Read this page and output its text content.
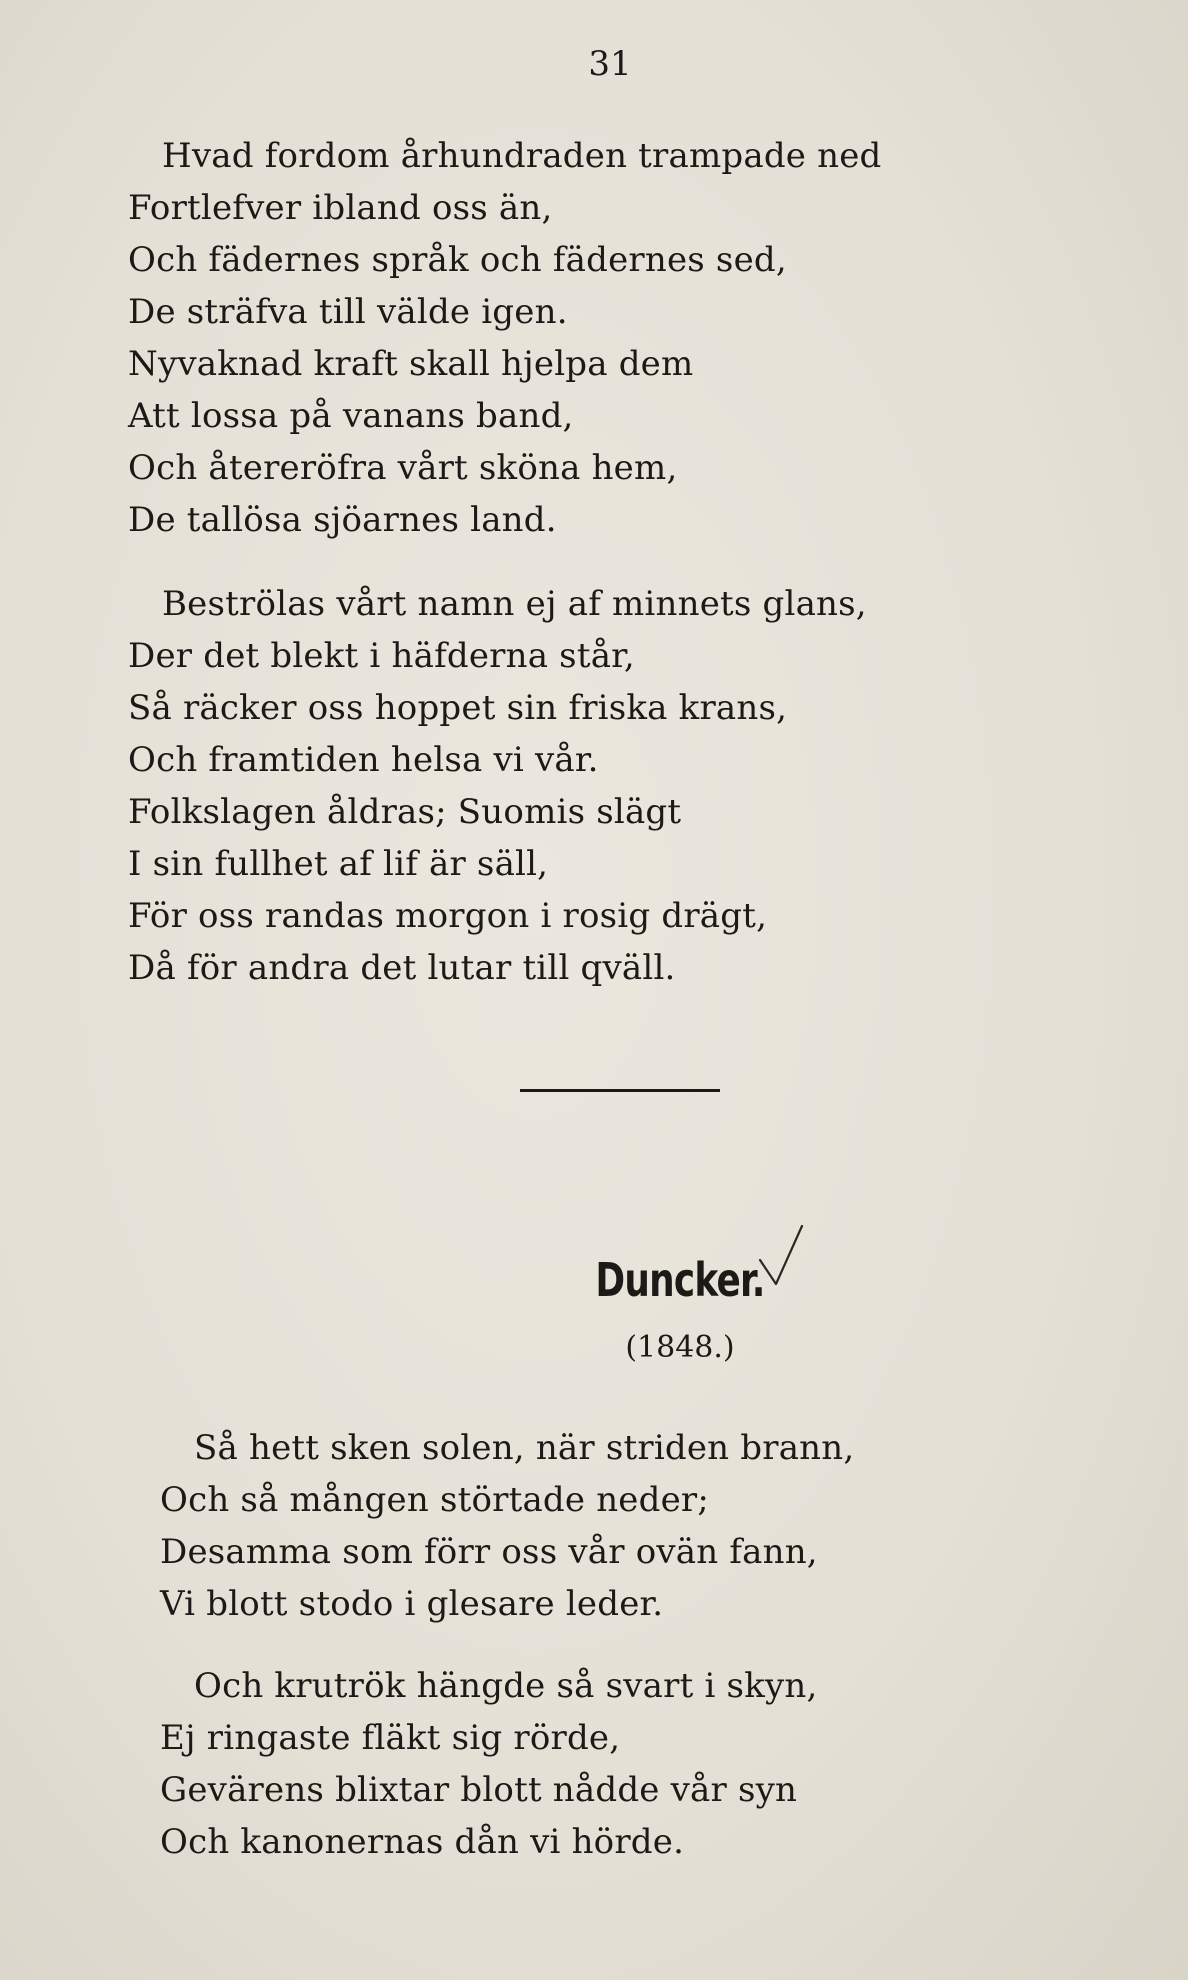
31
Hvad fordom århundraden trampade ned
Fortlefver ibland oss än,
Och fädernes språk och fädernes sed,
De sträfva till välde igen.
Nyvaknad kraft skall hjelpa dem
Att lossa på vanans band,
Och återeröfra vårt sköna hem,
De tallösa sjöarnes land.
Beströlas vårt namn ej af minnets glans,
Der det blekt i häfderna står,
Så räcker oss hoppet sin friska krans,
Och framtiden helsa vi vår.
Folkslagen åldras; Suomis slägt
I sin fullhet af lif är säll,
För oss randas morgon i rosig drägt,
Då för andra det lutar till qväll.
Duncker.
(1848.)
Så hett sken solen, när striden brann,
Och så mången störtade neder;
Desamma som förr oss vår ovän fann,
Vi blott stodo i glesare leder.
Och krutrök hängde så svart i skyn,
Ej ringaste fläkt sig rörde,
Gevärens blixtar blott nådde vår syn
Och kanonernas dån vi hörde.
